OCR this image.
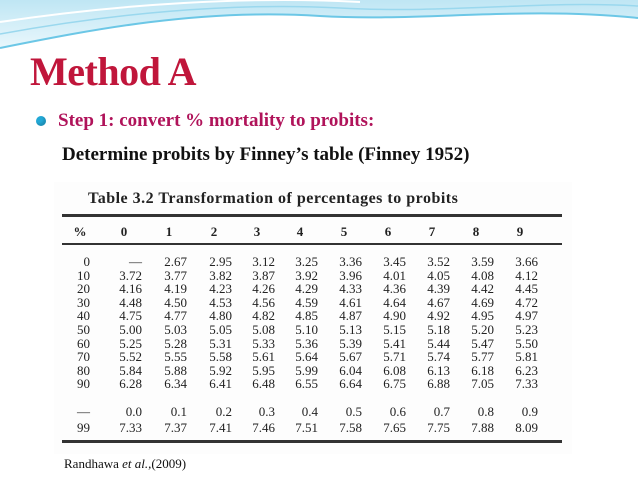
Method A
Step 1: convert % mortality to probits:
Determine probits by Finney’s table (Finney 1952)
Table 3.2 Transformation of percentages to probits
%	0	1	2	3	4	5	6	7	8	9
0	—	2.67	2.95	3.12	3.25	3.36	3.45	3.52	3.59	3.66
10	3.72	3.77	3.82	3.87	3.92	3.96	4.01	4.05	4.08	4.12
20	4.16	4.19	4.23	4.26	4.29	4.33	4.36	4.39	4.42	4.45
30	4.48	4.50	4.53	4.56	4.59	4.61	4.64	4.67	4.69	4.72
40	4.75	4.77	4.80	4.82	4.85	4.87	4.90	4.92	4.95	4.97
50	5.00	5.03	5.05	5.08	5.10	5.13	5.15	5.18	5.20	5.23
60	5.25	5.28	5.31	5.33	5.36	5.39	5.41	5.44	5.47	5.50
70	5.52	5.55	5.58	5.61	5.64	5.67	5.71	5.74	5.77	5.81
80	5.84	5.88	5.92	5.95	5.99	6.04	6.08	6.13	6.18	6.23
90	6.28	6.34	6.41	6.48	6.55	6.64	6.75	6.88	7.05	7.33
—	0.0	0.1	0.2	0.3	0.4	0.5	0.6	0.7	0.8	0.9
99	7.33	7.37	7.41	7.46	7.51	7.58	7.65	7.75	7.88	8.09
Randhawa et al.,(2009)
